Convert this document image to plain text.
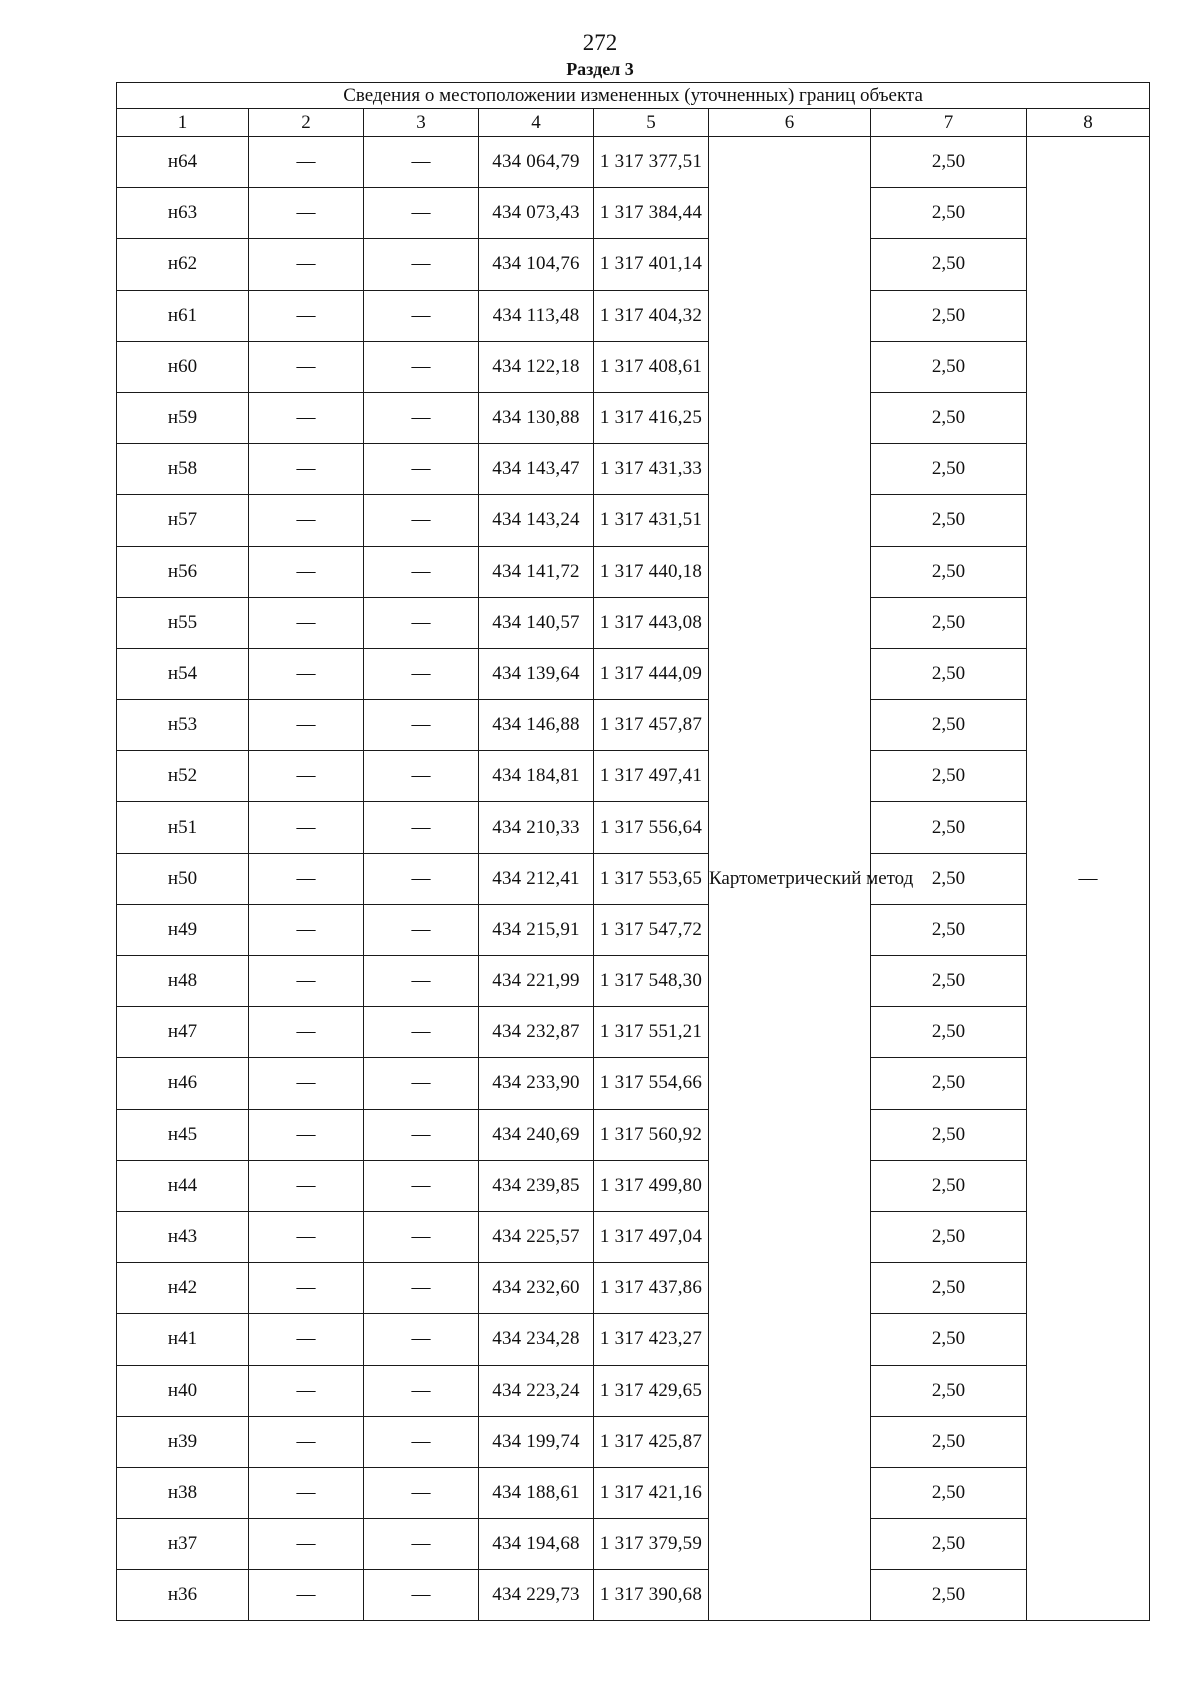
272
Раздел 3
Сведения о местоположении измененных (уточненных) границ объекта							
1	2	3	4	5	6	7	8
н64	—	—	434 064,79	1 317 377,51	Картометрический метод	2,50	—
н63	—	—	434 073,43	1 317 384,44		2,50	
н62	—	—	434 104,76	1 317 401,14		2,50	
н61	—	—	434 113,48	1 317 404,32		2,50	
н60	—	—	434 122,18	1 317 408,61		2,50	
н59	—	—	434 130,88	1 317 416,25		2,50	
н58	—	—	434 143,47	1 317 431,33		2,50	
н57	—	—	434 143,24	1 317 431,51		2,50	
н56	—	—	434 141,72	1 317 440,18		2,50	
н55	—	—	434 140,57	1 317 443,08		2,50	
н54	—	—	434 139,64	1 317 444,09		2,50	
н53	—	—	434 146,88	1 317 457,87		2,50	
н52	—	—	434 184,81	1 317 497,41		2,50	
н51	—	—	434 210,33	1 317 556,64		2,50	
н50	—	—	434 212,41	1 317 553,65		2,50	
н49	—	—	434 215,91	1 317 547,72		2,50	
н48	—	—	434 221,99	1 317 548,30		2,50	
н47	—	—	434 232,87	1 317 551,21		2,50	
н46	—	—	434 233,90	1 317 554,66		2,50	
н45	—	—	434 240,69	1 317 560,92		2,50	
н44	—	—	434 239,85	1 317 499,80		2,50	
н43	—	—	434 225,57	1 317 497,04		2,50	
н42	—	—	434 232,60	1 317 437,86		2,50	
н41	—	—	434 234,28	1 317 423,27		2,50	
н40	—	—	434 223,24	1 317 429,65		2,50	
н39	—	—	434 199,74	1 317 425,87		2,50	
н38	—	—	434 188,61	1 317 421,16		2,50	
н37	—	—	434 194,68	1 317 379,59		2,50	
н36	—	—	434 229,73	1 317 390,68		2,50	
